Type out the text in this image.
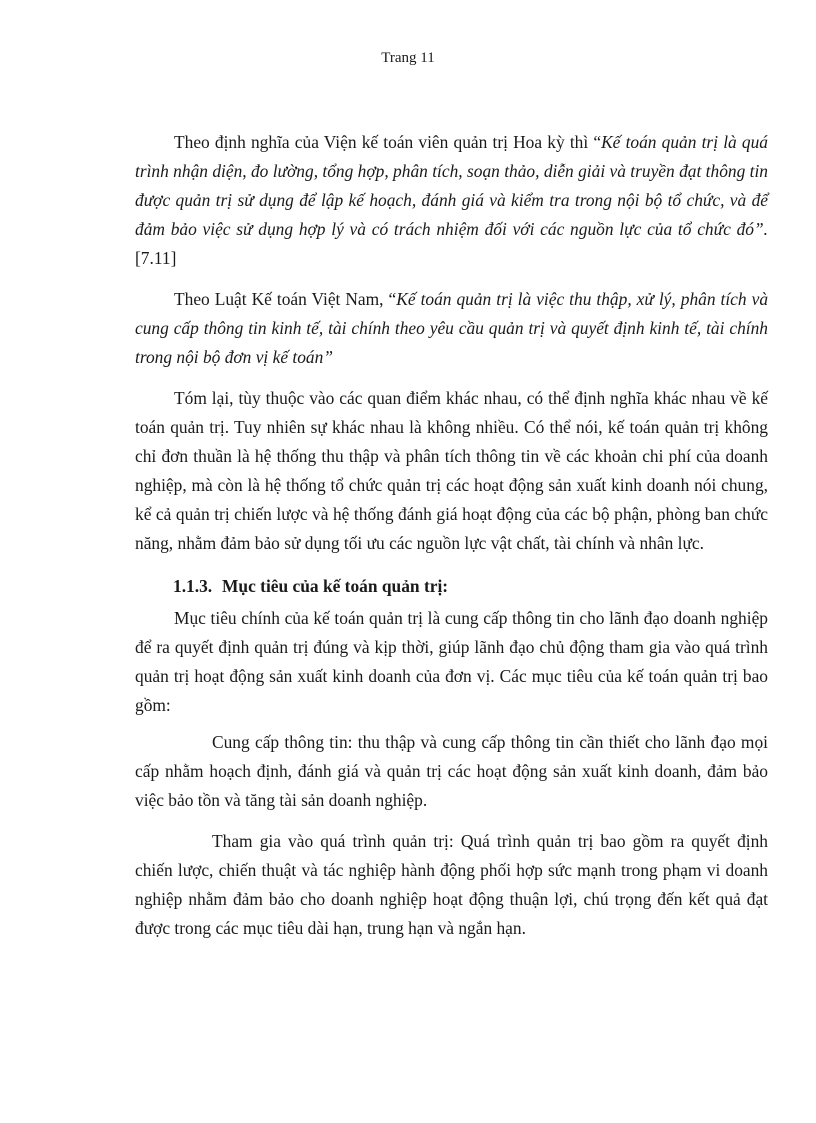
Trang 11

Theo định nghĩa của Viện kế toán viên quản trị Hoa kỳ thì “Kế toán quản trị là quá trình nhận diện, đo lường, tổng hợp, phân tích, soạn thảo, diễn giải và truyền đạt thông tin được quản trị sử dụng để lập kế hoạch, đánh giá và kiểm tra trong nội bộ tổ chức, và để đảm bảo việc sử dụng hợp lý và có trách nhiệm đối với các nguồn lực của tổ chức đó”. [7.11]

Theo Luật Kế toán Việt Nam, “Kế toán quản trị là việc thu thập, xử lý, phân tích và cung cấp thông tin kinh tế, tài chính theo yêu cầu quản trị và quyết định kinh tế, tài chính trong nội bộ đơn vị kế toán”

Tóm lại, tùy thuộc vào các quan điểm khác nhau, có thể định nghĩa khác nhau về kế toán quản trị. Tuy nhiên sự khác nhau là không nhiều. Có thể nói, kế toán quản trị không chỉ đơn thuần là hệ thống thu thập và phân tích thông tin về các khoản chi phí của doanh nghiệp, mà còn là hệ thống tổ chức quản trị các hoạt động sản xuất kinh doanh nói chung, kể cả quản trị chiến lược và hệ thống đánh giá hoạt động của các bộ phận, phòng ban chức năng, nhằm đảm bảo sử dụng tối ưu các nguồn lực vật chất, tài chính và nhân lực.

1.1.3. Mục tiêu của kế toán quản trị:

Mục tiêu chính của kế toán quản trị là cung cấp thông tin cho lãnh đạo doanh nghiệp để ra quyết định quản trị đúng và kịp thời, giúp lãnh đạo chủ động tham gia vào quá trình quản trị hoạt động sản xuất kinh doanh của đơn vị. Các mục tiêu của kế toán quản trị bao gồm:

Cung cấp thông tin: thu thập và cung cấp thông tin cần thiết cho lãnh đạo mọi cấp nhằm hoạch định, đánh giá và quản trị các hoạt động sản xuất kinh doanh, đảm bảo việc bảo tồn và tăng tài sản doanh nghiệp.

Tham gia vào quá trình quản trị: Quá trình quản trị bao gồm ra quyết định chiến lược, chiến thuật và tác nghiệp hành động phối hợp sức mạnh trong phạm vi doanh nghiệp nhằm đảm bảo cho doanh nghiệp hoạt động thuận lợi, chú trọng đến kết quả đạt được trong các mục tiêu dài hạn, trung hạn và ngắn hạn.
